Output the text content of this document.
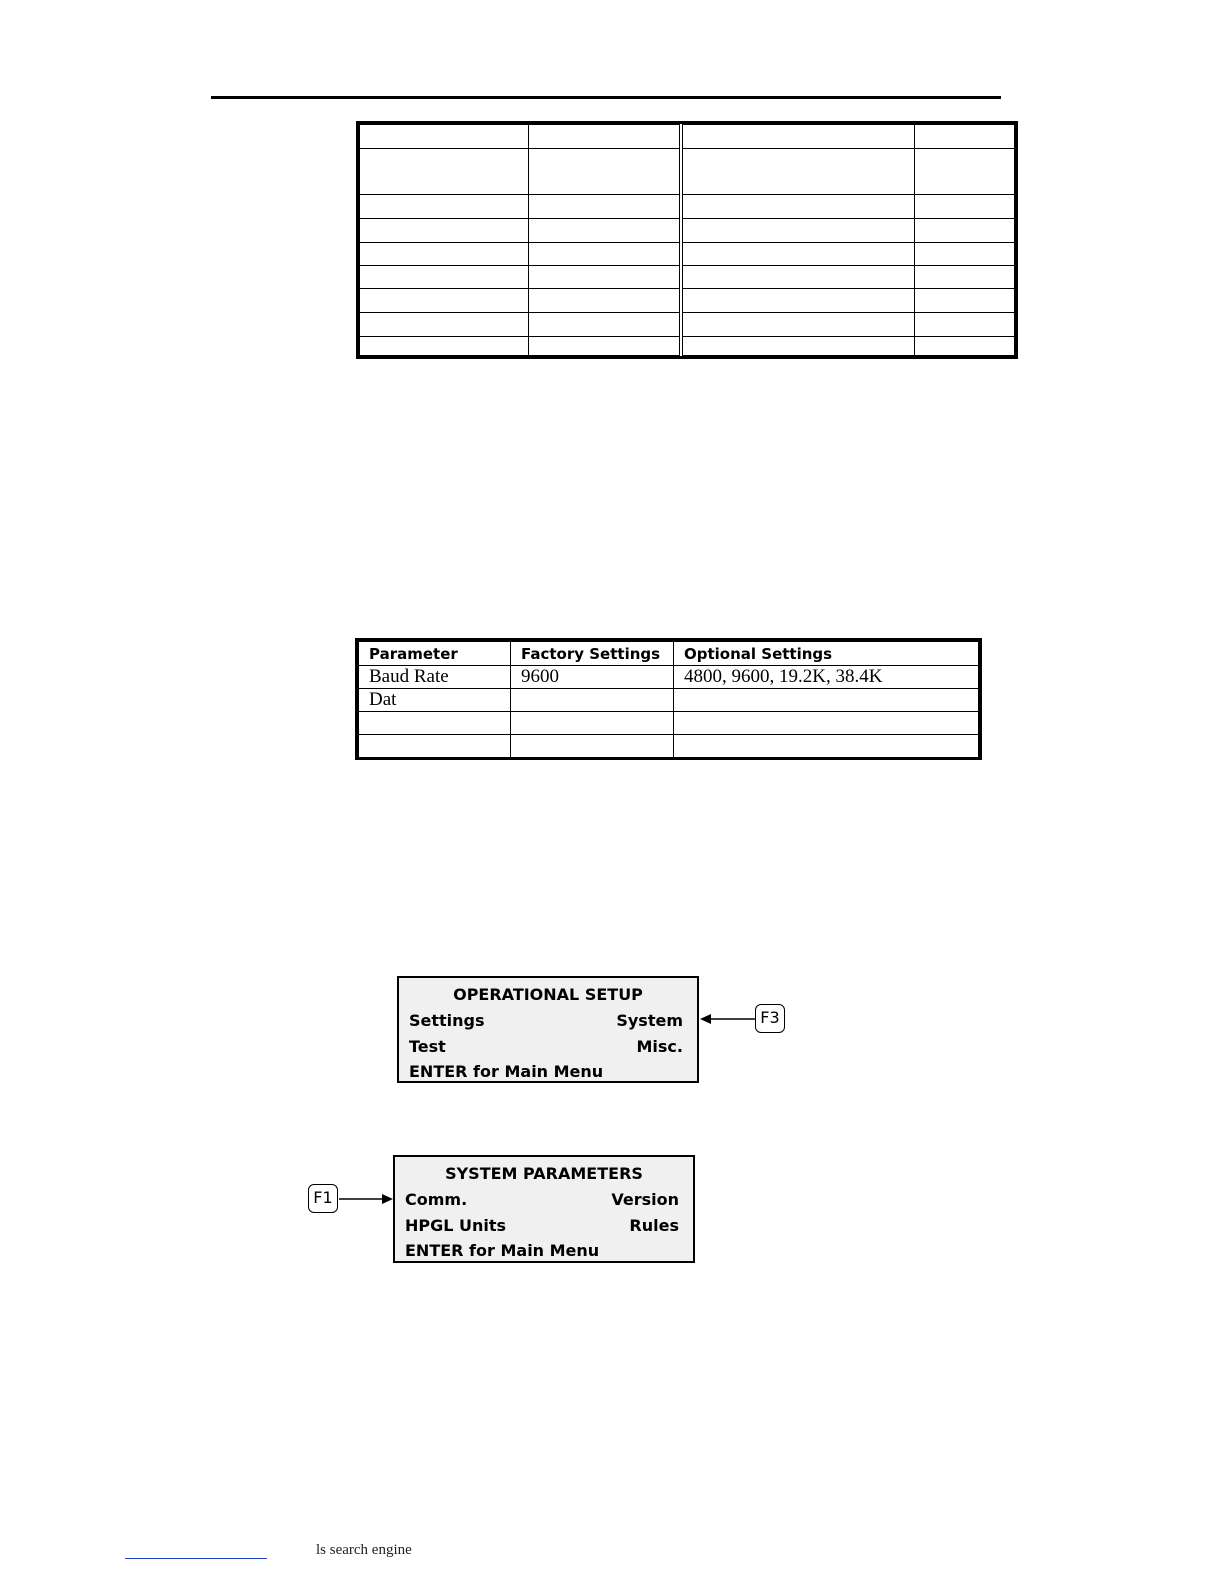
Parameter	Factory Settings	Optional Settings
Baud Rate	9600	4800, 9600, 19.2K, 38.4K
Dat		

OPERATIONAL SETUP
Settings	System
Test	Misc.
ENTER for Main Menu
F3
SYSTEM PARAMETERS
Comm.	Version
HPGL Units	Rules
ENTER for Main Menu
F1
ls search engine
